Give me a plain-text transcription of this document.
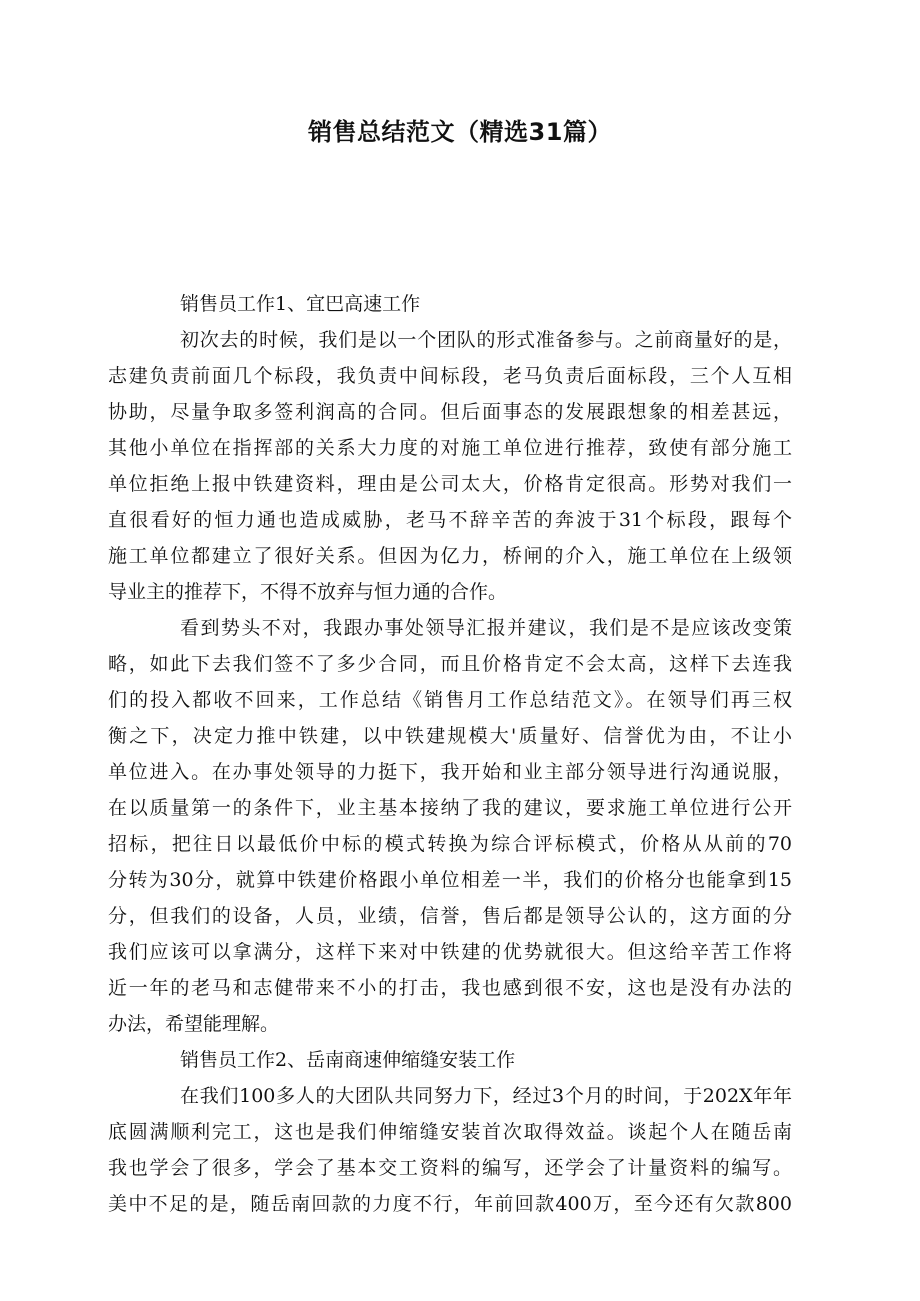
销售总结范文（精选31篇）
销售员工作1、宜巴高速工作
初次去的时候，我们是以一个团队的形式准备参与。之前商量好的是，
志建负责前面几个标段，我负责中间标段，老马负责后面标段，三个人互相
协助，尽量争取多签利润高的合同。但后面事态的发展跟想象的相差甚远，
其他小单位在指挥部的关系大力度的对施工单位进行推荐，致使有部分施工
单位拒绝上报中铁建资料，理由是公司太大，价格肯定很高。形势对我们一
直很看好的恒力通也造成威胁，老马不辞辛苦的奔波于31个标段，跟每个
施工单位都建立了很好关系。但因为亿力，桥闸的介入，施工单位在上级领
导业主的推荐下，不得不放弃与恒力通的合作。
看到势头不对，我跟办事处领导汇报并建议，我们是不是应该改变策
略，如此下去我们签不了多少合同，而且价格肯定不会太高，这样下去连我
们的投入都收不回来，工作总结《销售月工作总结范文》。在领导们再三权
衡之下，决定力推中铁建，以中铁建规模大'质量好、信誉优为由，不让小
单位进入。在办事处领导的力挺下，我开始和业主部分领导进行沟通说服，
在以质量第一的条件下，业主基本接纳了我的建议，要求施工单位进行公开
招标，把往日以最低价中标的模式转换为综合评标模式，价格从从前的70
分转为30分，就算中铁建价格跟小单位相差一半，我们的价格分也能拿到15
分，但我们的设备，人员，业绩，信誉，售后都是领导公认的，这方面的分
我们应该可以拿满分，这样下来对中铁建的优势就很大。但这给辛苦工作将
近一年的老马和志健带来不小的打击，我也感到很不安，这也是没有办法的
办法，希望能理解。
销售员工作2、岳南商速伸缩缝安装工作
在我们100多人的大团队共同努力下，经过3个月的时间，于202X年年
底圆满顺利完工，这也是我们伸缩缝安装首次取得效益。谈起个人在随岳南
我也学会了很多，学会了基本交工资料的编写，还学会了计量资料的编写。
美中不足的是，随岳南回款的力度不行，年前回款400万，至今还有欠款800
